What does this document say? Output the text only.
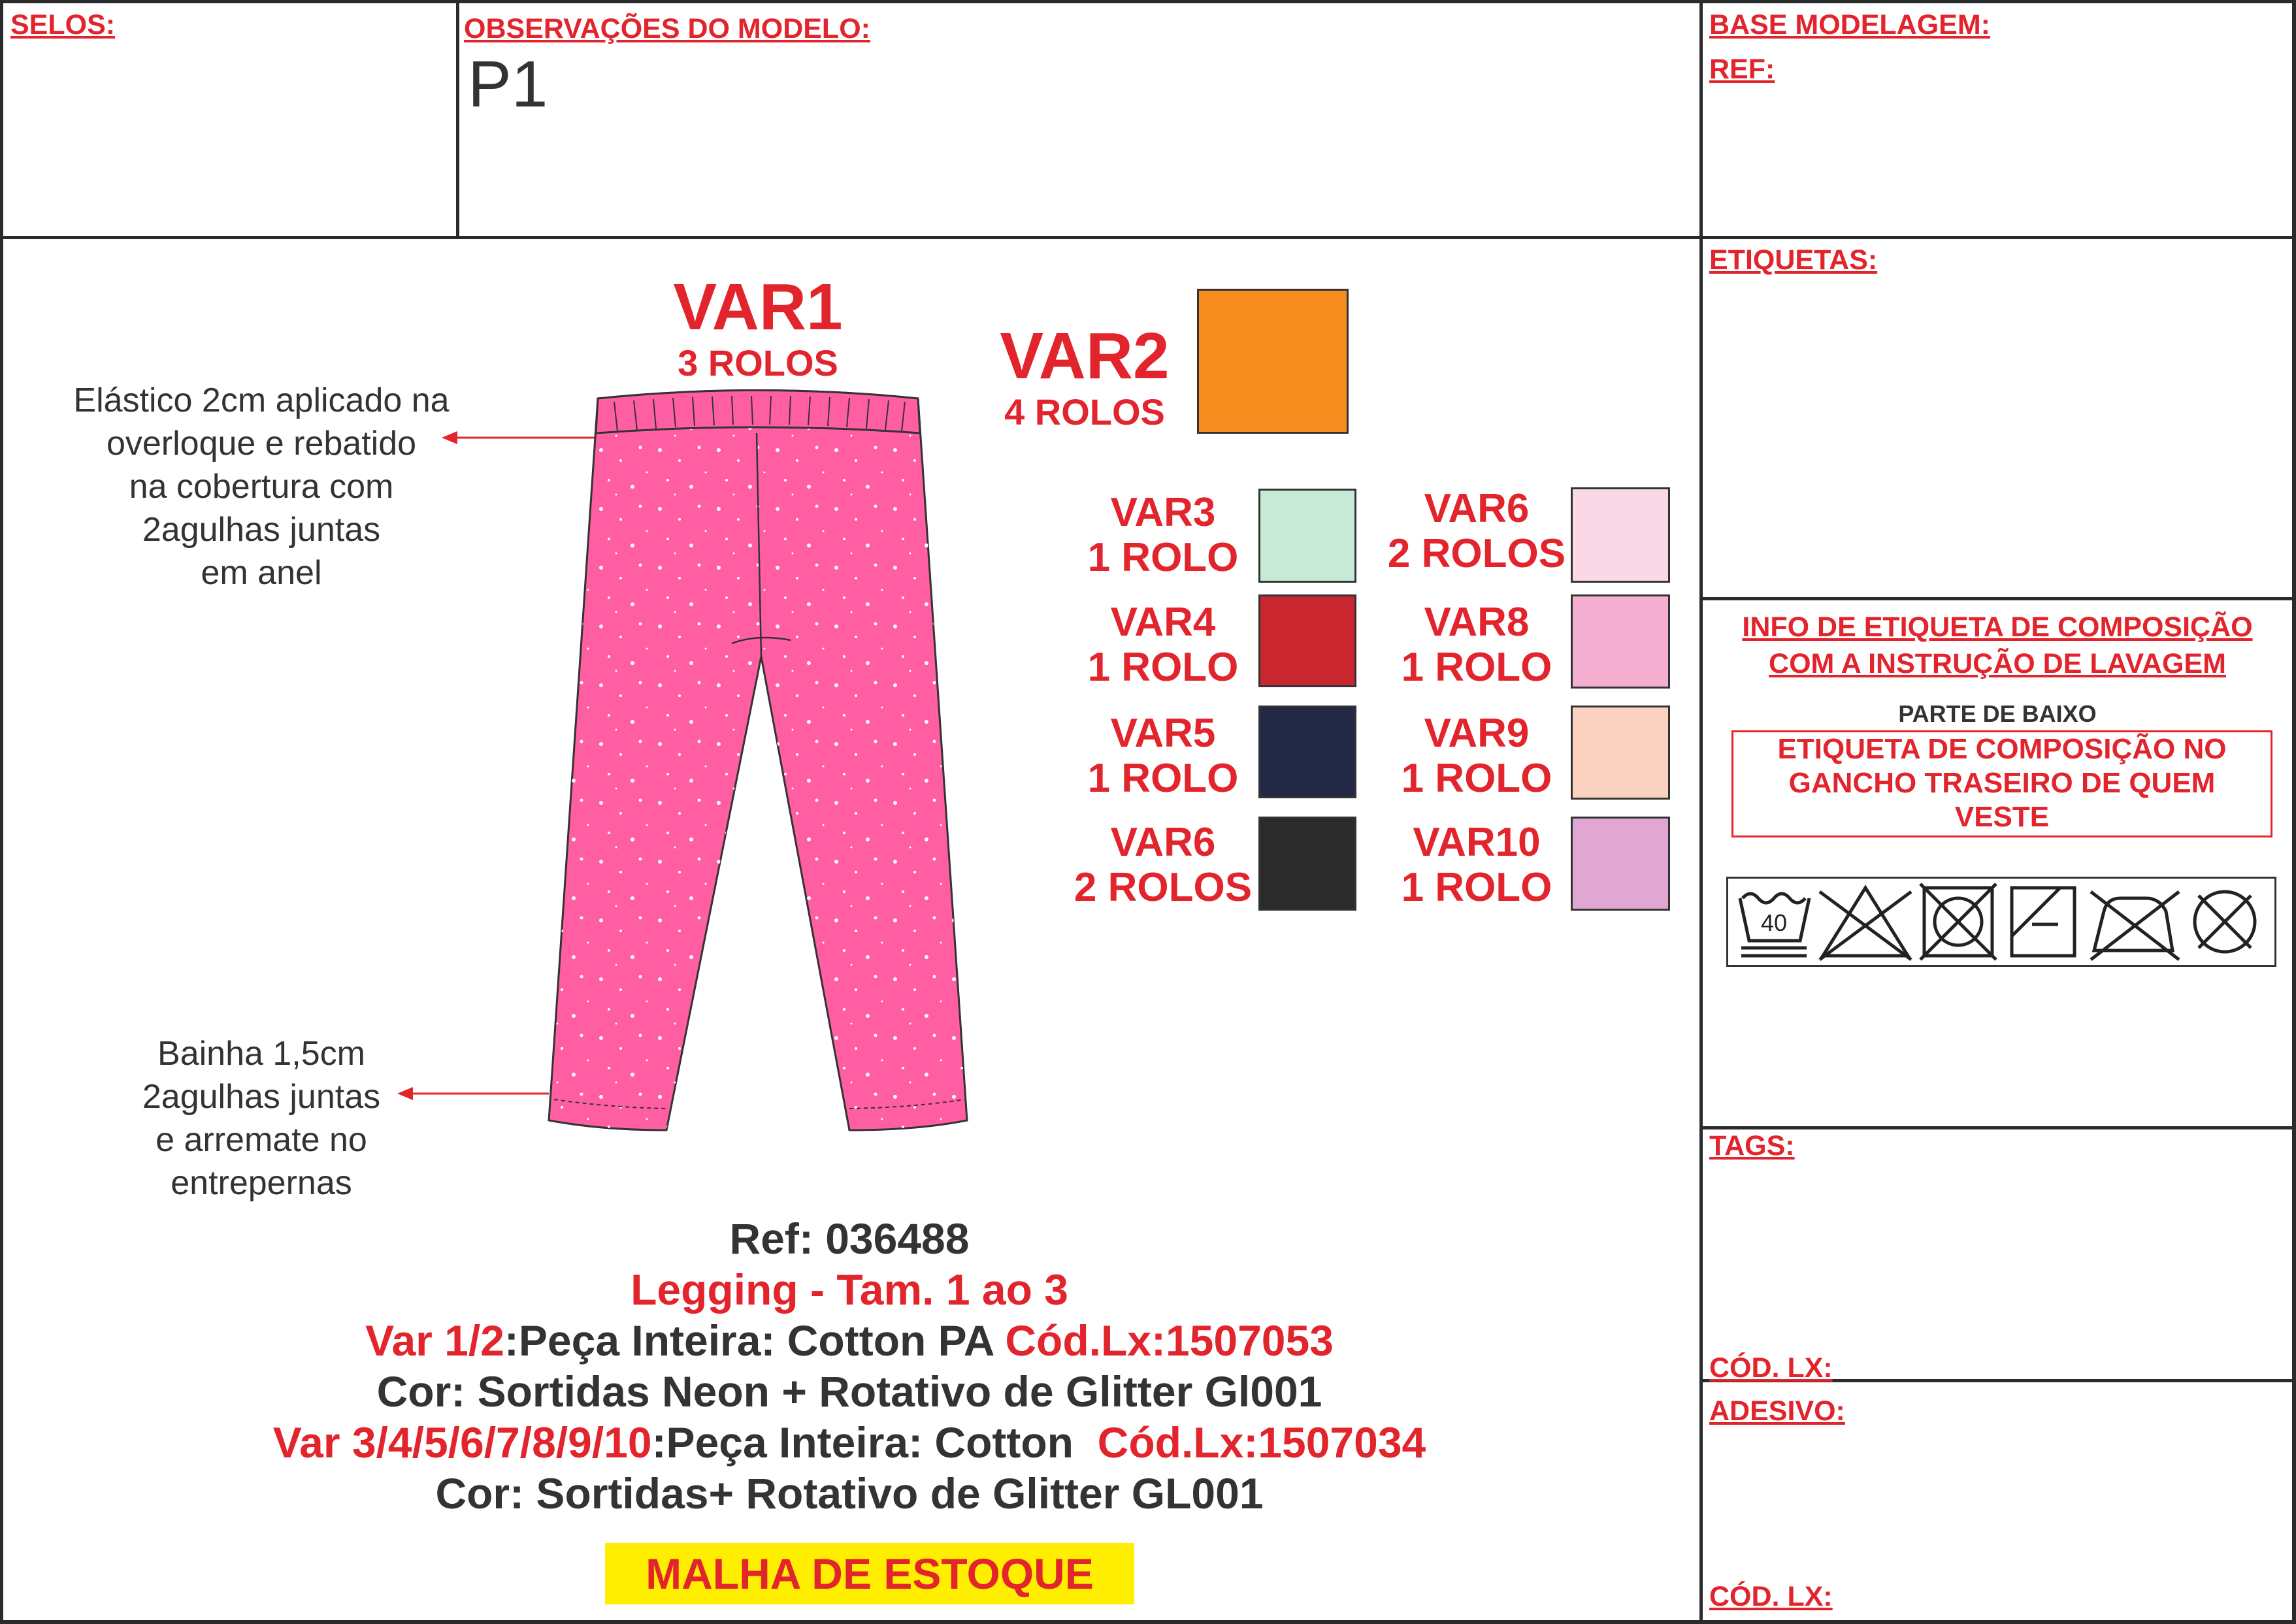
SELOS:	OBSERVAÇÕES DO MODELO:
P1
BASE MODELAGEM:
REF:
ETIQUETAS:
INFO DE ETIQUETA DE COMPOSIÇÃO
COM A INSTRUÇÃO DE LAVAGEM
PARTE DE BAIXO
ETIQUETA DE COMPOSIÇÃO NO
GANCHO TRASEIRO DE QUEM
VESTE
40
TAGS:
CÓD. LX:
ADESIVO:
CÓD. LX:
Elástico 2cm aplicado na
overloque e rebatido
na cobertura com
2agulhas juntas
em anel
Bainha 1,5cm
2agulhas juntas
e arremate no
entrepernas
VAR1
3 ROLOS	VAR2
4 ROLOS
VAR3
1 ROLO
VAR4
1 ROLO
VAR5
1 ROLO
VAR6
2 ROLOS
VAR6
2 ROLOS
VAR8
1 ROLO
VAR9
1 ROLO
VAR10
1 ROLO
Ref: 036488
Legging - Tam. 1 ao 3
Var 1/2:Peça Inteira: Cotton PA Cód.Lx:1507053
Cor: Sortidas Neon + Rotativo de Glitter Gl001
Var 3/4/5/6/7/8/9/10:Peça Inteira: Cotton  Cód.Lx:1507034
Cor: Sortidas+ Rotativo de Glitter GL001
MALHA DE ESTOQUE
